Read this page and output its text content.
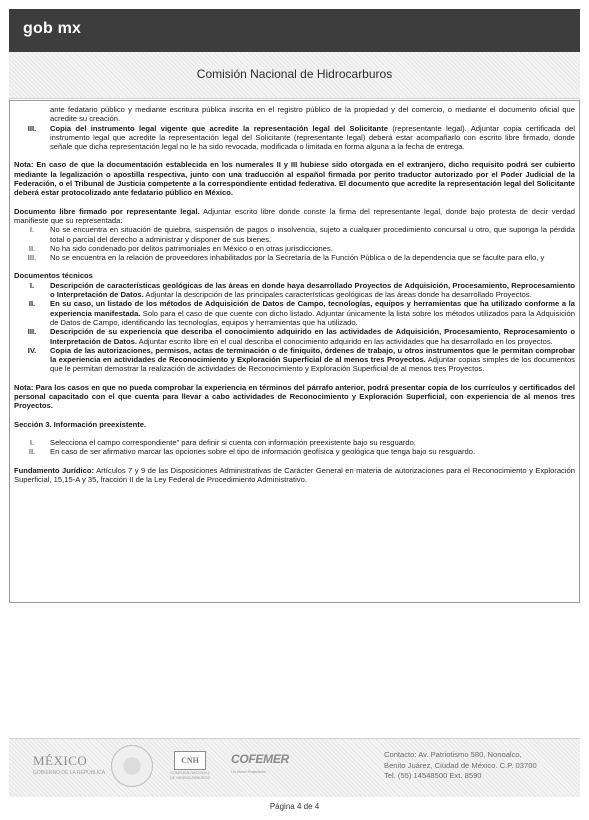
gob mx
Comisión Nacional de Hidrocarburos

ante fedatario público y mediante escritura pública inscrita en el registro público de la propiedad y del comercio, o mediante el documento oficial que acredite su creación.

III.	Copia del instrumento legal vigente que acredite la representación legal del Solicitante (representante legal). Adjuntar copia certificada del instrumento legal que acredite la representación legal del Solicitante (representante legal) deberá estar acompañarlo con escrito libre firmado, donde señale que dicha representación legal no le ha sido revocada, modificada o limitada en forma alguna a la fecha de entrega.

Nota: En caso de que la documentación establecida en los numerales II y III hubiese sido otorgada en el extranjero, dicho requisito podrá ser cubierto mediante la legalización o apostilla respectiva, junto con una traducción al español firmada por perito traductor autorizado por el Poder Judicial de la Federación, o el Tribunal de Justicia competente a la correspondiente entidad federativa. El documento que acredite la representación legal del Solicitante deberá estar protocolizado ante fedatario público en México.

Documento libre firmado por representante legal. Adjuntar escrito libre donde conste la firma del representante legal, donde bajo protesta de decir verdad manifieste que su representada:

I.	No se encuentra en situación de quiebra, suspensión de pagos o insolvencia, sujeto a cualquier procedimiento concursal u otro, que suponga la pérdida total o parcial del derecho a administrar y disponer de sus bienes.
II.	No ha sido condenado por delitos patrimoniales en México o en otras jurisdicciones.
III.	No se encuentra en la relación de proveedores inhabilitados por la Secretaría de la Función Pública o de la dependencia que se faculte para ello, y

Documentos técnicos

I.	Descripción de características geológicas de las áreas en donde haya desarrollado Proyectos de Adquisición, Procesamiento, Reprocesamiento o Interpretación de Datos. Adjuntar la descripción de las principales características geológicas de las áreas donde ha desarrollado Proyectos.
II.	En su caso, un listado de los métodos de Adquisición de Datos de Campo, tecnologías, equipos y herramientas que ha utilizado conforme a la experiencia manifestada. Solo para el caso de que cuente con dicho listado. Adjuntar únicamente la lista sobre los métodos utilizados para la Adquisición de Datos de Campo, identificando las tecnologías, equipos y herramientas que ha utilizado.
III.	Descripción de su experiencia que describa el conocimiento adquirido en las actividades de Adquisición, Procesamiento, Reprocesamiento o Interpretación de Datos. Adjuntar escrito libre en el cual describa el conocimiento adquirido en las actividades que ha desarrollado en los proyectos.
IV.	Copia de las autorizaciones, permisos, actas de terminación o de finiquito, órdenes de trabajo, u otros instrumentos que le permitan comprobar la experiencia en actividades de Reconocimiento y Exploración Superficial de al menos tres Proyectos. Adjuntar copias simples de los documentos que le permitan demostrar la realización de actividades de Reconocimiento y Exploración Superficial de al menos tres Proyectos.

Nota: Para los casos en que no pueda comprobar la experiencia en términos del párrafo anterior, podrá presentar copia de los currículos y certificados del personal capacitado con el que cuenta para llevar a cabo actividades de Reconocimiento y Exploración Superficial, con experiencia de al menos tres Proyectos.

Sección 3. Información preexistente.

I.	Selecciona el campo correspondiente” para definir si cuenta con información preexistente bajo su resguardo.
II.	En caso de ser afirmativo marcar las opciones sobre el tipo de información geofísica y geológica que tenga bajo su resguardo.

Fundamento Jurídico: Artículos 7 y 9 de las Disposiciones Administrativas de Carácter General en materia de autorizaciones para el Reconocimiento y Exploración Superficial, 15,15-A y 35, fracción II de la Ley Federal de Procedimiento Administrativo.

MÉXICO
GOBIERNO DE LA REPÚBLICA
CNH
COMISIÓN NACIONAL DE HIDROCARBUROS
COFEMER
Un Buen Regulador
Contacto: Av. Patriotismo 580, Nonoalco,
Benito Juárez, Ciudad de México. C.P. 03700
Tel. (55) 14548500 Ext. 8590
Página 4 de 4
